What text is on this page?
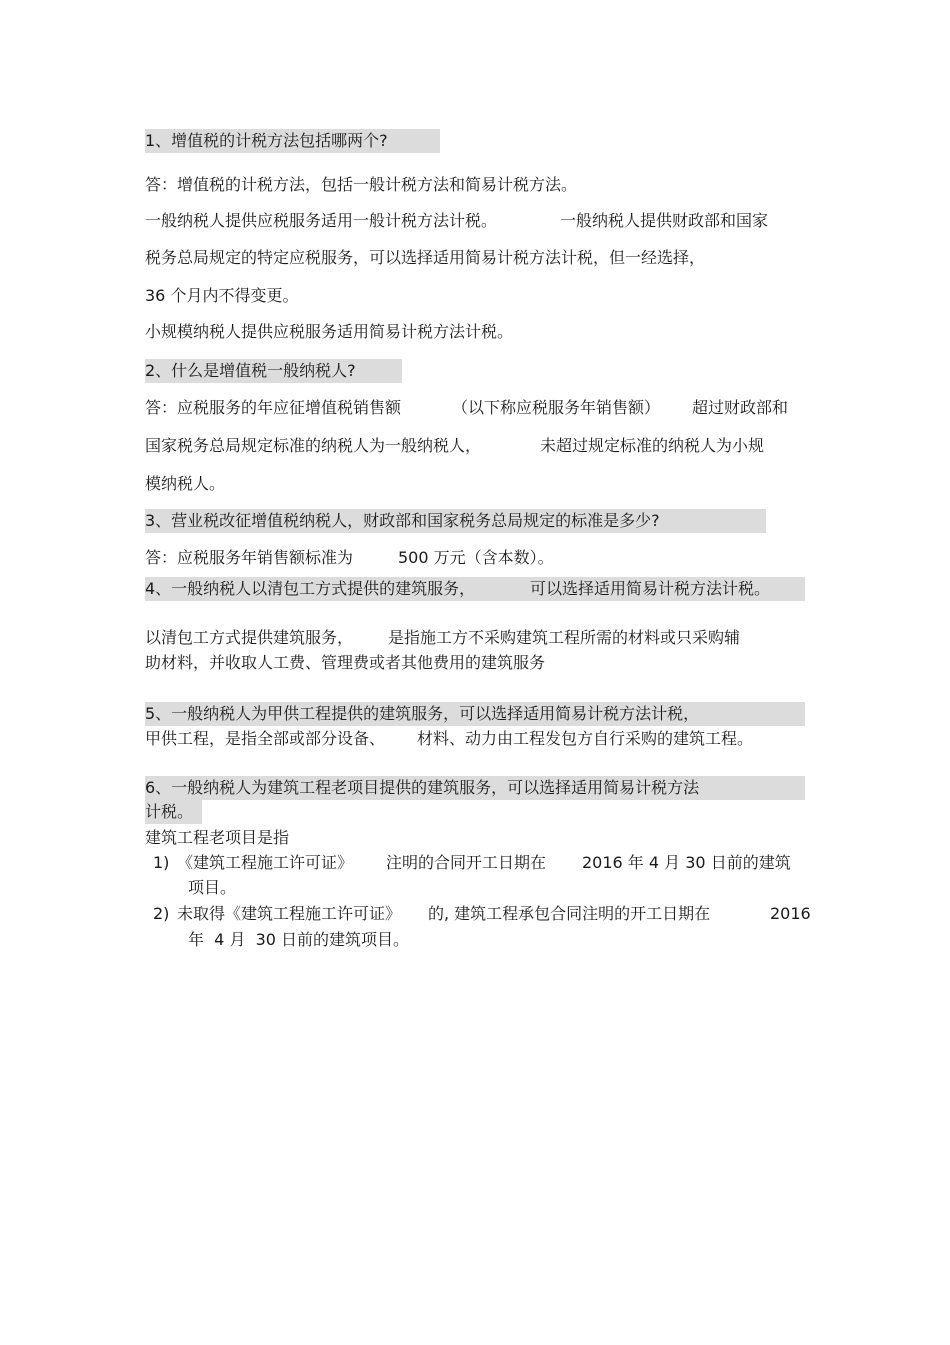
1、增值税的计税方法包括哪两个?
答：增值税的计税方法，包括一般计税方法和简易计税方法。
一般纳税人提供应税服务适用一般计税方法计税。	一般纳税人提供财政部和国家
税务总局规定的特定应税服务，可以选择适用简易计税方法计税，但一经选择，
36 个月内不得变更。
小规模纳税人提供应税服务适用简易计税方法计税。
2、什么是增值税一般纳税人?
答：应税服务的年应征增值税销售额	（以下称应税服务年销售额） 超过财政部和
国家税务总局规定标准的纳税人为一般纳税人，	未超过规定标准的纳税人为小规
模纳税人。
3、营业税改征增值税纳税人，财政部和国家税务总局规定的标准是多少?
答：应税服务年销售额标准为	500 万元（含本数）。
4、一般纳税人以清包工方式提供的建筑服务，	可以选择适用简易计税方法计税。
以清包工方式提供建筑服务， 是指施工方不采购建筑工程所需的材料或只采购辅
助材料，并收取人工费、管理费或者其他费用的建筑服务
5、一般纳税人为甲供工程提供的建筑服务，可以选择适用简易计税方法计税，
甲供工程，是指全部或部分设备、 材料、动力由工程发包方自行采购的建筑工程。
6、一般纳税人为建筑工程老项目提供的建筑服务，可以选择适用简易计税方法
计税。
建筑工程老项目是指
1) 《建筑工程施工许可证》 注明的合同开工日期在 2016 年 4 月 30 日前的建筑
项目。
2) 未取得《建筑工程施工许可证》 的, 建筑工程承包合同注明的开工日期在	2016
年  4 月  30 日前的建筑项目。
